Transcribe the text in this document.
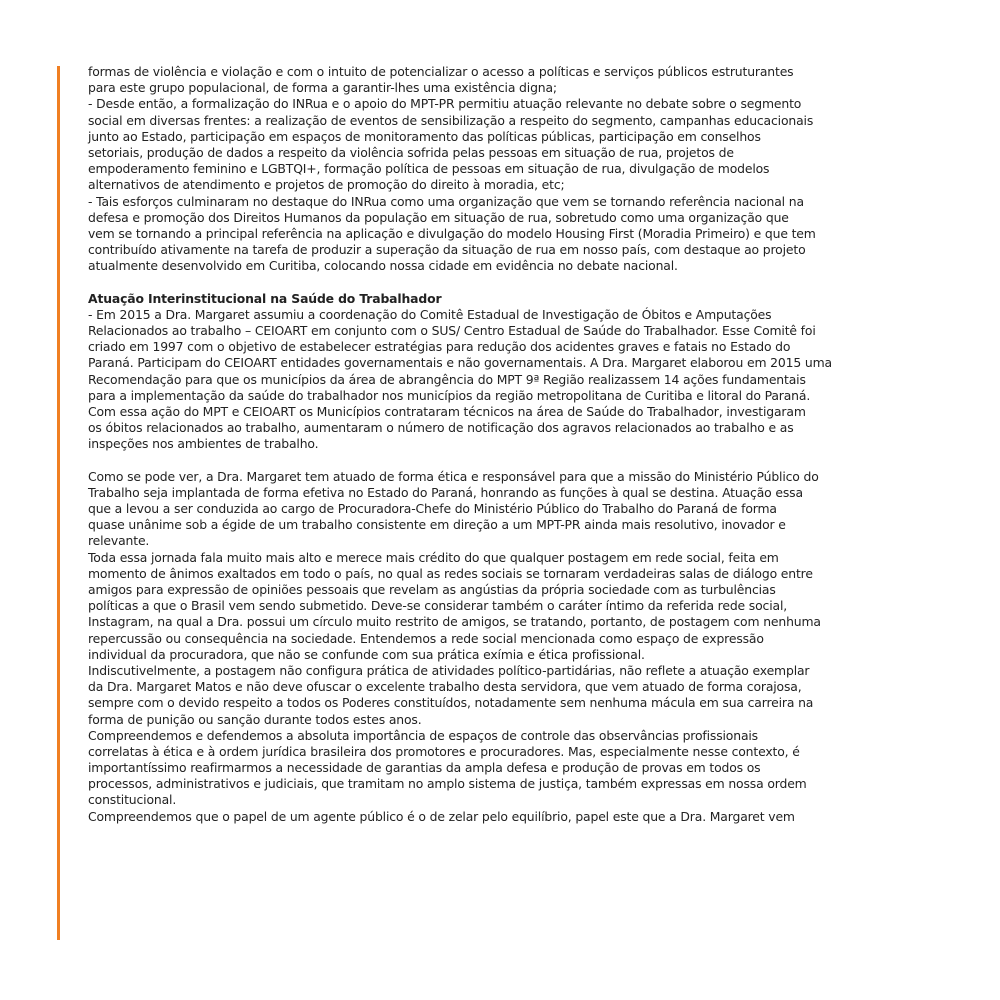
formas de violência e violação e com o intuito de potencializar o acesso a políticas e serviços públicos estruturantes
para este grupo populacional, de forma a garantir-lhes uma existência digna;
- Desde então, a formalização do INRua e o apoio do MPT-PR permitiu atuação relevante no debate sobre o segmento
social em diversas frentes: a realização de eventos de sensibilização a respeito do segmento, campanhas educacionais
junto ao Estado, participação em espaços de monitoramento das políticas públicas, participação em conselhos
setoriais, produção de dados a respeito da violência sofrida pelas pessoas em situação de rua, projetos de
empoderamento feminino e LGBTQI+, formação política de pessoas em situação de rua, divulgação de modelos
alternativos de atendimento e projetos de promoção do direito à moradia, etc;
- Tais esforços culminaram no destaque do INRua como uma organização que vem se tornando referência nacional na
defesa e promoção dos Direitos Humanos da população em situação de rua, sobretudo como uma organização que
vem se tornando a principal referência na aplicação e divulgação do modelo Housing First (Moradia Primeiro) e que tem
contribuído ativamente na tarefa de produzir a superação da situação de rua em nosso país, com destaque ao projeto
atualmente desenvolvido em Curitiba, colocando nossa cidade em evidência no debate nacional.
Atuação Interinstitucional na Saúde do Trabalhador
- Em 2015 a Dra. Margaret assumiu a coordenação do Comitê Estadual de Investigação de Óbitos e Amputações
Relacionados ao trabalho – CEIOART em conjunto com o SUS/ Centro Estadual de Saúde do Trabalhador. Esse Comitê foi
criado em 1997 com o objetivo de estabelecer estratégias para redução dos acidentes graves e fatais no Estado do
Paraná. Participam do CEIOART entidades governamentais e não governamentais. A Dra. Margaret elaborou em 2015 uma
Recomendação para que os municípios da área de abrangência do MPT 9ª Região realizassem 14 ações fundamentais
para a implementação da saúde do trabalhador nos municípios da região metropolitana de Curitiba e litoral do Paraná.
Com essa ação do MPT e CEIOART os Municípios contrataram técnicos na área de Saúde do Trabalhador, investigaram
os óbitos relacionados ao trabalho, aumentaram o número de notificação dos agravos relacionados ao trabalho e as
inspeções nos ambientes de trabalho.
Como se pode ver, a Dra. Margaret tem atuado de forma ética e responsável para que a missão do Ministério Público do
Trabalho seja implantada de forma efetiva no Estado do Paraná, honrando as funções à qual se destina. Atuação essa
que a levou a ser conduzida ao cargo de Procuradora-Chefe do Ministério Público do Trabalho do Paraná de forma
quase unânime sob a égide de um trabalho consistente em direção a um MPT-PR ainda mais resolutivo, inovador e
relevante.
Toda essa jornada fala muito mais alto e merece mais crédito do que qualquer postagem em rede social, feita em
momento de ânimos exaltados em todo o país, no qual as redes sociais se tornaram verdadeiras salas de diálogo entre
amigos para expressão de opiniões pessoais que revelam as angústias da própria sociedade com as turbulências
políticas a que o Brasil vem sendo submetido. Deve-se considerar também o caráter íntimo da referida rede social,
Instagram, na qual a Dra. possui um círculo muito restrito de amigos, se tratando, portanto, de postagem com nenhuma
repercussão ou consequência na sociedade. Entendemos a rede social mencionada como espaço de expressão
individual da procuradora, que não se confunde com sua prática exímia e ética profissional.
Indiscutivelmente, a postagem não configura prática de atividades político-partidárias, não reflete a atuação exemplar
da Dra. Margaret Matos e não deve ofuscar o excelente trabalho desta servidora, que vem atuado de forma corajosa,
sempre com o devido respeito a todos os Poderes constituídos, notadamente sem nenhuma mácula em sua carreira na
forma de punição ou sanção durante todos estes anos.
Compreendemos e defendemos a absoluta importância de espaços de controle das observâncias profissionais
correlatas à ética e à ordem jurídica brasileira dos promotores e procuradores. Mas, especialmente nesse contexto, é
importantíssimo reafirmarmos a necessidade de garantias da ampla defesa e produção de provas em todos os
processos, administrativos e judiciais, que tramitam no amplo sistema de justiça, também expressas em nossa ordem
constitucional.
Compreendemos que o papel de um agente público é o de zelar pelo equilíbrio, papel este que a Dra. Margaret vem
